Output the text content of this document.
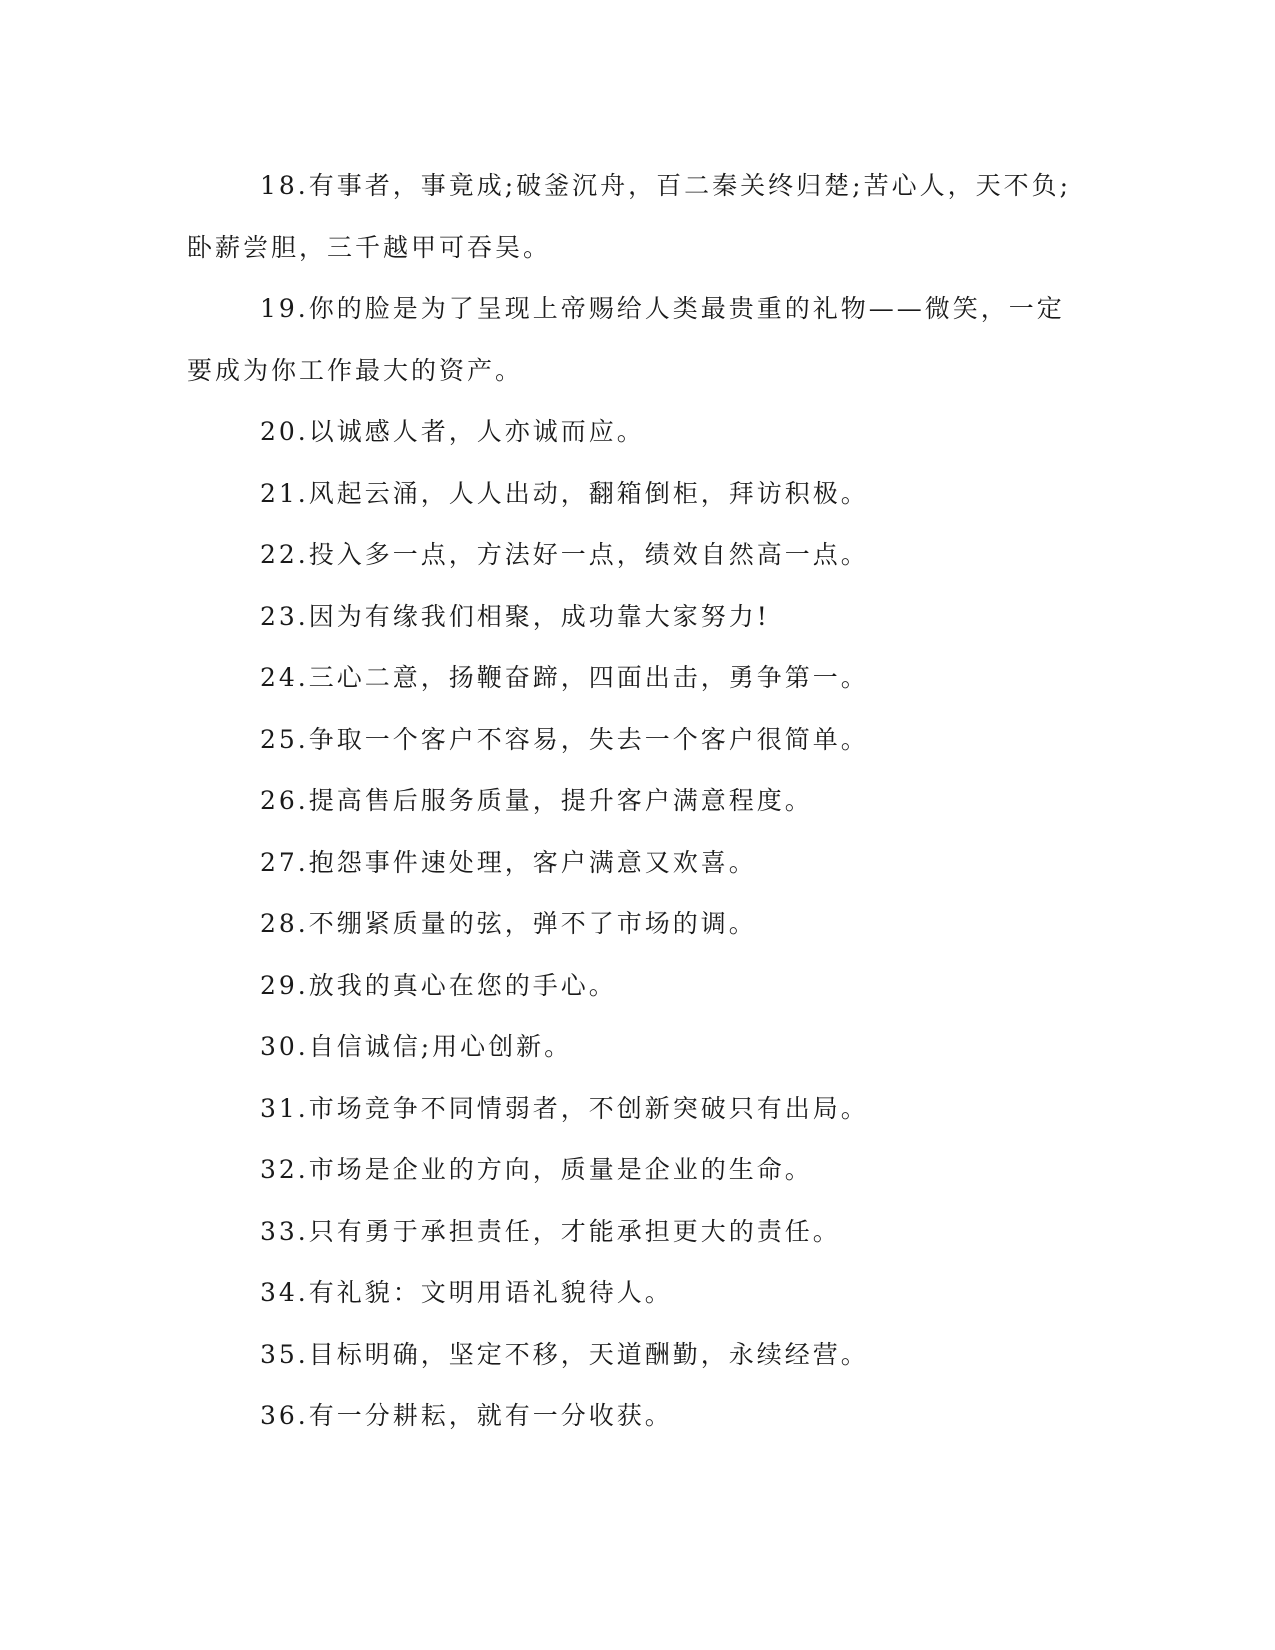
18.有事者，事竟成;破釜沉舟，百二秦关终归楚;苦心人，天不负;卧薪尝胆，三千越甲可吞吴。

19.你的脸是为了呈现上帝赐给人类最贵重的礼物——微笑，一定要成为你工作最大的资产。

20.以诚感人者，人亦诚而应。

21.风起云涌，人人出动，翻箱倒柜，拜访积极。

22.投入多一点，方法好一点，绩效自然高一点。

23.因为有缘我们相聚，成功靠大家努力!

24.三心二意，扬鞭奋蹄，四面出击，勇争第一。

25.争取一个客户不容易，失去一个客户很简单。

26.提高售后服务质量，提升客户满意程度。

27.抱怨事件速处理，客户满意又欢喜。

28.不绷紧质量的弦，弹不了市场的调。

29.放我的真心在您的手心。

30.自信诚信;用心创新。

31.市场竞争不同情弱者，不创新突破只有出局。

32.市场是企业的方向，质量是企业的生命。

33.只有勇于承担责任，才能承担更大的责任。

34.有礼貌：文明用语礼貌待人。

35.目标明确，坚定不移，天道酬勤，永续经营。

36.有一分耕耘，就有一分收获。
